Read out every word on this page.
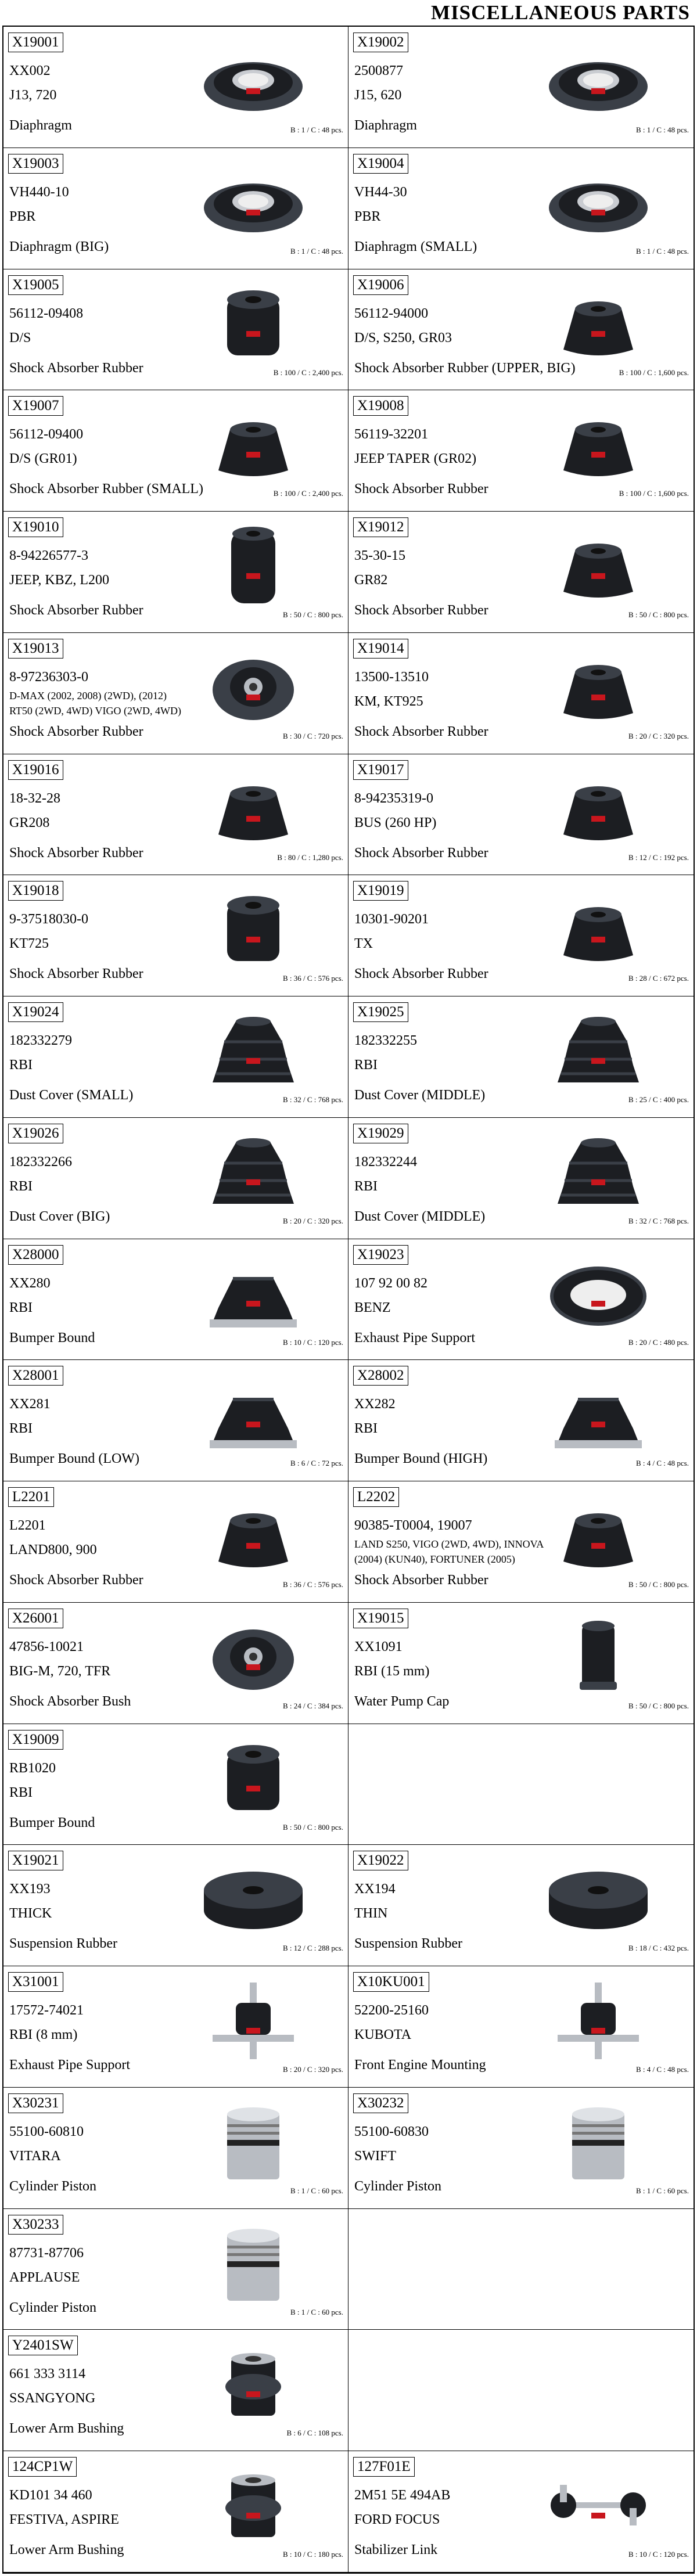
MISCELLANEOUS PARTS
X19001
XX002
J13, 720
Diaphragm	B : 1 / C : 48 pcs.
X19002
2500877
J15, 620
Diaphragm	B : 1 / C : 48 pcs.
X19003
VH440-10
PBR
Diaphragm (BIG)	B : 1 / C : 48 pcs.
X19004
VH44-30
PBR
Diaphragm (SMALL)	B : 1 / C : 48 pcs.
X19005
56112-09408
D/S
Shock Absorber Rubber	B : 100 / C : 2,400 pcs.
X19006
56112-94000
D/S, S250, GR03
Shock Absorber Rubber (UPPER, BIG)	B : 100 / C : 1,600 pcs.
X19007
56112-09400
D/S (GR01)
Shock Absorber Rubber (SMALL)	B : 100 / C : 2,400 pcs.
X19008
56119-32201
JEEP TAPER (GR02)
Shock Absorber Rubber	B : 100 / C : 1,600 pcs.
X19010
8-94226577-3
JEEP, KBZ, L200
Shock Absorber Rubber	B : 50 / C : 800 pcs.
X19012
35-30-15
GR82
Shock Absorber Rubber	B : 50 / C : 800 pcs.
X19013
8-97236303-0
D-MAX (2002, 2008) (2WD), (2012)
RT50 (2WD, 4WD) VIGO (2WD, 4WD)
Shock Absorber Rubber	B : 30 / C : 720 pcs.
X19014
13500-13510
KM, KT925
Shock Absorber Rubber	B : 20 / C : 320 pcs.
X19016
18-32-28
GR208
Shock Absorber Rubber	B : 80 / C : 1,280 pcs.
X19017
8-94235319-0
BUS (260 HP)
Shock Absorber Rubber	B : 12 / C : 192 pcs.
X19018
9-37518030-0
KT725
Shock Absorber Rubber	B : 36 / C : 576 pcs.
X19019
10301-90201
TX
Shock Absorber Rubber	B : 28 / C : 672 pcs.
X19024
182332279
RBI
Dust Cover (SMALL)	B : 32 / C : 768 pcs.
X19025
182332255
RBI
Dust Cover (MIDDLE)	B : 25 / C : 400 pcs.
X19026
182332266
RBI
Dust Cover (BIG)	B : 20 / C : 320 pcs.
X19029
182332244
RBI
Dust Cover (MIDDLE)	B : 32 / C : 768 pcs.
X28000
XX280
RBI
Bumper Bound	B : 10 / C : 120 pcs.
X19023
107 92 00 82
BENZ
Exhaust Pipe Support	B : 20 / C : 480 pcs.
X28001
XX281
RBI
Bumper Bound (LOW)	B : 6 / C : 72 pcs.
X28002
XX282
RBI
Bumper Bound (HIGH)	B : 4 / C : 48 pcs.
L2201
L2201
LAND800, 900
Shock Absorber Rubber	B : 36 / C : 576 pcs.
L2202
90385-T0004, 19007
LAND S250, VIGO (2WD, 4WD), INNOVA
(2004) (KUN40), FORTUNER (2005)
Shock Absorber Rubber	B : 50 / C : 800 pcs.
X26001
47856-10021
BIG-M, 720, TFR
Shock Absorber Bush	B : 24 / C : 384 pcs.
X19015
XX1091
RBI (15 mm)
Water Pump Cap	B : 50 / C : 800 pcs.
X19009
RB1020
RBI
Bumper Bound	B : 50 / C : 800 pcs.
X19021
XX193
THICK
Suspension Rubber	B : 12 / C : 288 pcs.
X19022
XX194
THIN
Suspension Rubber	B : 18 / C : 432 pcs.
X31001
17572-74021
RBI (8 mm)
Exhaust Pipe Support	B : 20 / C : 320 pcs.
X10KU001
52200-25160
KUBOTA
Front Engine Mounting	B : 4 / C : 48 pcs.
X30231
55100-60810
VITARA
Cylinder Piston	B : 1 / C : 60 pcs.
X30232
55100-60830
SWIFT
Cylinder Piston	B : 1 / C : 60 pcs.
X30233
87731-87706
APPLAUSE
Cylinder Piston	B : 1 / C : 60 pcs.
Y2401SW
661 333 3114
SSANGYONG
Lower Arm Bushing	B : 6 / C : 108 pcs.
124CP1W
KD101 34 460
FESTIVA, ASPIRE
Lower Arm Bushing	B : 10 / C : 180 pcs.
127F01E
2M51 5E 494AB
FORD FOCUS
Stabilizer Link	B : 10 / C : 120 pcs.
